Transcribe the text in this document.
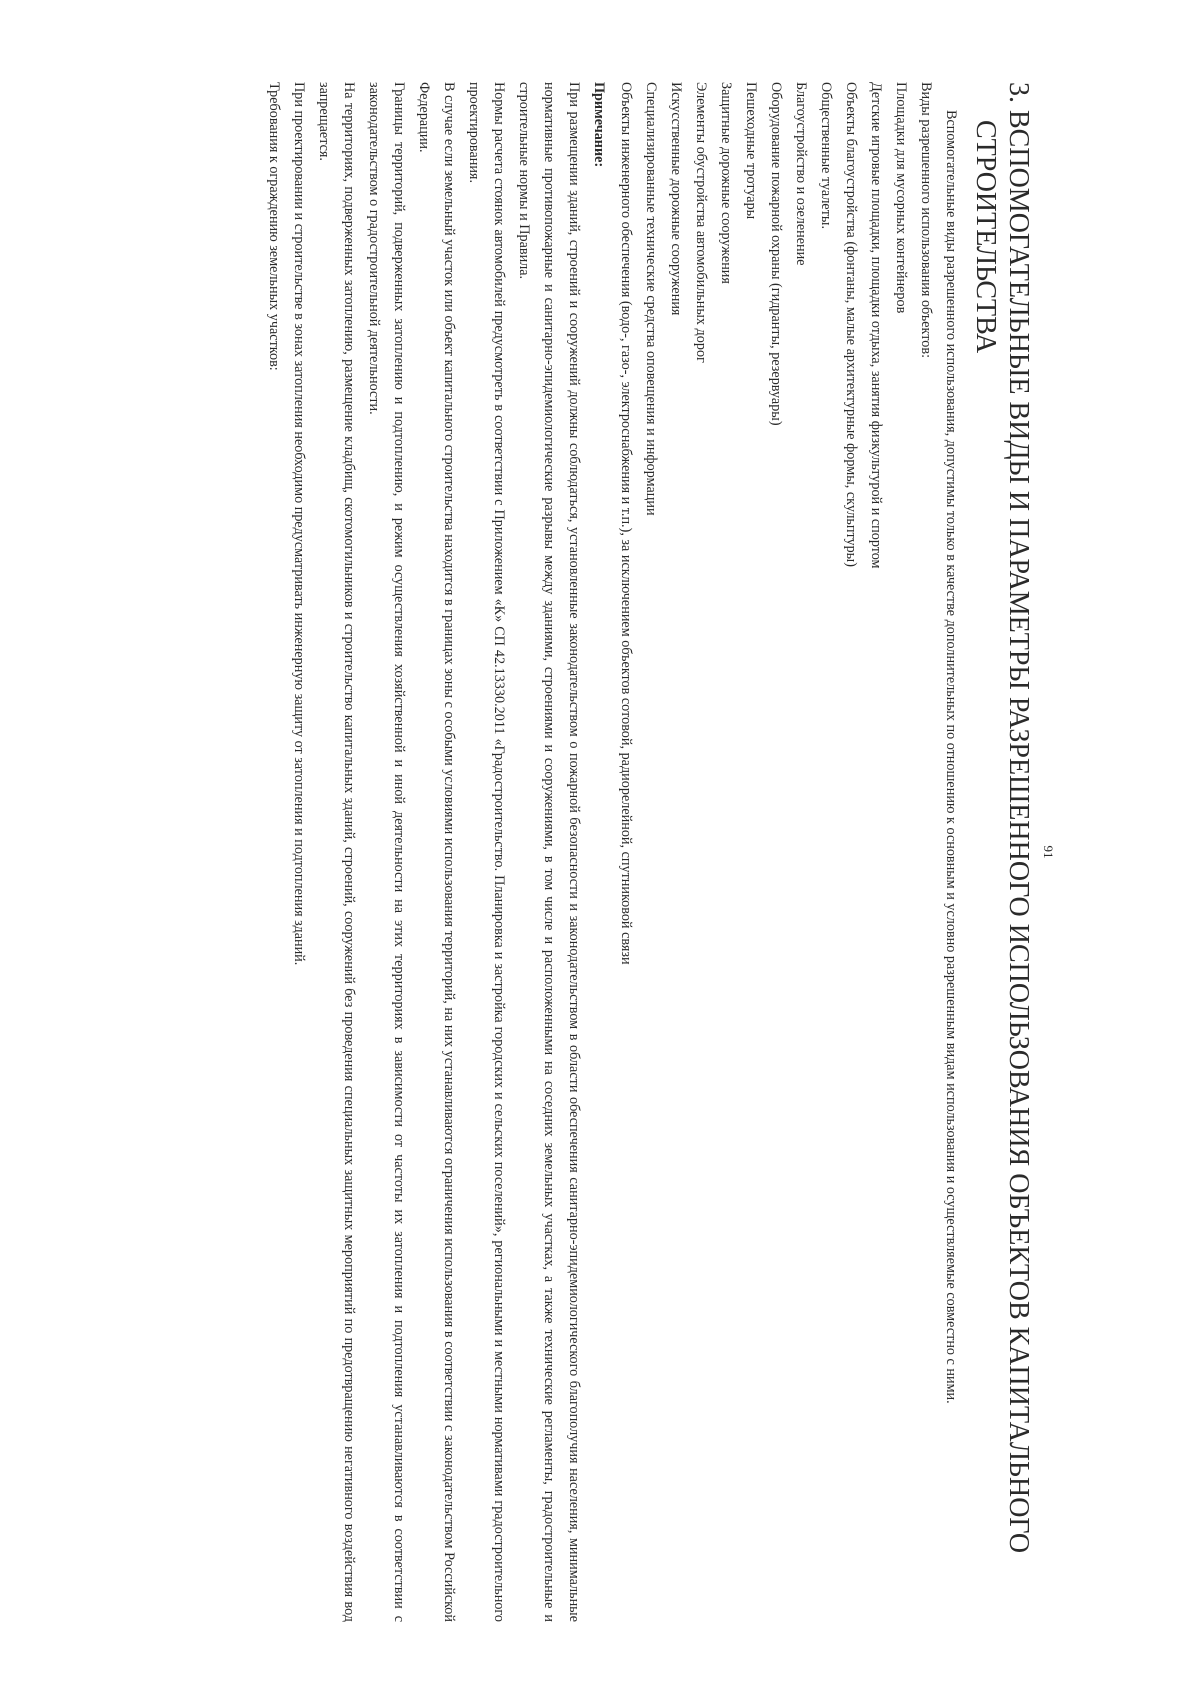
91
3. ВСПОМОГАТЕЛЬНЫЕ ВИДЫ И ПАРАМЕТРЫ РАЗРЕШЕННОГО ИСПОЛЬЗОВАНИЯ ОБЪЕКТОВ КАПИТАЛЬНОГО
СТРОИТЕЛЬСТВА

Вспомогательные виды разрешенного использования, допустимы только в качестве дополнительных по отношению к основным и условно разрешенным видам использования и осуществляемые совместно с ними.

Виды разрешенного использования объектов:

Площадки для мусорных контейнеров
Детские игровые площадки, площадки отдыха, занятия физкультурой и спортом
Объекты благоустройства (фонтаны, малые архитектурные формы, скульптуры)
Общественные туалеты.
Благоустройство и озеленение
Оборудование пожарной охраны (гидранты, резервуары)
Пешеходные тротуары
Защитные дорожные сооружения
Элементы обустройства автомобильных дорог
Искусственные дорожные сооружения
Специализированные технические средства оповещения и информации
Объекты инженерного обеспечения (водо-, газо-, электроснабжения и т.п.), за исключением объектов сотовой, радиорелейной, спутниковой связи

Примечание:

При размещении зданий, строений и сооружений должны соблюдаться, установленные законодательством о пожарной безопасности и законодательством в области обеспечения санитарно-эпидемиологического благополучия населения, минимальные нормативные противопожарные и санитарно-эпидемиологические разрывы между зданиями, строениями и сооружениями, в том числе и расположенными на соседних земельных участках, а также технические регламенты, градостроительные и строительные нормы и Правила.

Нормы расчета стоянок автомобилей предусмотреть в соответствии с Приложением «К» СП 42.13330.2011 «Градостроительство. Планировка и застройка городских и сельских поселений», региональными и местными нормативами градостроительного проектирования.

В случае если земельный участок или объект капитального строительства находится в границах зоны с особыми условиями использования территорий, на них устанавливаются ограничения использования в соответствии с законодательством Российской Федерации.

Границы территорий, подверженных затоплению и подтоплению, и режим осуществления хозяйственной и иной деятельности на этих территориях в зависимости от частоты их затопления и подтопления устанавливаются в соответствии с законодательством о градостроительной деятельности.

На территориях, подверженных затоплению, размещение кладбищ, скотомогильников и строительство капитальных зданий, строений, сооружений без проведения специальных защитных мероприятий по предотвращению негативного воздействия вод запрещается.

При проектировании и строительстве в зонах затопления необходимо предусматривать инженерную защиту от затопления и подтопления зданий.

Требования к ограждению земельных участков:
